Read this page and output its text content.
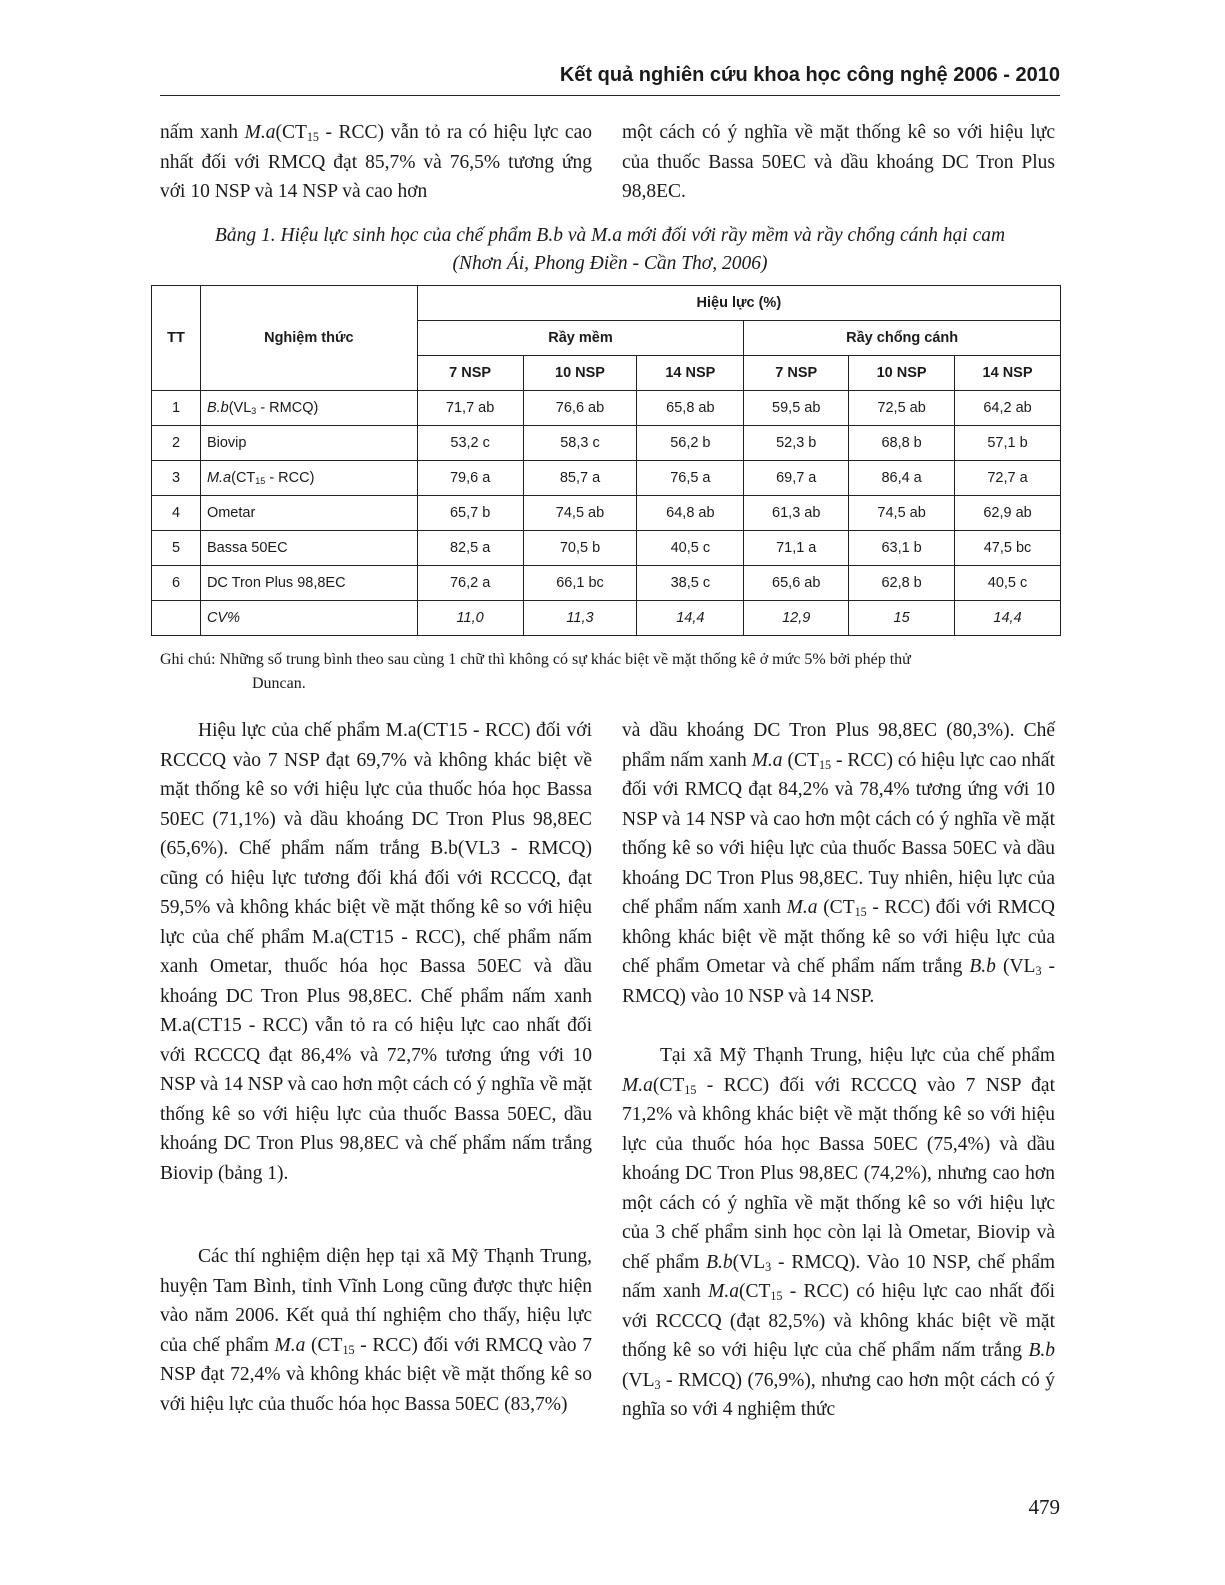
Kết quả nghiên cứu khoa học công nghệ 2006 - 2010

nấm xanh $M.a(CT_{15} - RCC)$ vẫn tỏ ra có hiệu lực cao nhất đối với RMCQ đạt 85,7% và 76,5% tương ứng với 10 NSP và 14 NSP và cao hơn

một cách có ý nghĩa về mặt thống kê so với hiệu lực của thuốc Bassa 50EC và dầu khoáng DC Tron Plus 98,8EC.

Bảng 1. Hiệu lực sinh học của chế phẩm B.b và M.a mới đối với rầy mềm và rầy chổng cánh hại cam
(Nhơn Ái, Phong Điền - Cần Thơ, 2006)
TT	Nghiệm thức	Hiệu lực (%)					
		Rầy mềm			Rầy chổng cánh		
		7 NSP	10 NSP	14 NSP	7 NSP	10 NSP	14 NSP
1	$B.b(VL_3$ - RMCQ)	71,7 ab	76,6 ab	65,8 ab	59,5 ab	72,5 ab	64,2 ab
2	Biovip	53,2 c	58,3 c	56,2 b	52,3 b	68,8 b	57,1 b
3	$M.a(CT_{15} - RCC)$	79,6 a	85,7 a	76,5 a	69,7 a	86,4 a	72,7 a
4	Ometar	65,7 b	74,5 ab	64,8 ab	61,3 ab	74,5 ab	62,9 ab
5	Bassa 50EC	82,5 a	70,5 b	40,5 c	71,1 a	63,1 b	47,5 bc
6	DC Tron Plus 98,8EC	76,2 a	66,1 bc	38,5 c	65,6 ab	62,8 b	40,5 c
	CV%	11,0	11,3	14,4	12,9	15	14,4
Ghi chú: Những số trung bình theo sau cùng 1 chữ thì không có sự khác biệt về mặt thống kê ở mức 5% bởi phép thử
Duncan.

Hiệu lực của chế phẩm M.a(CT15 - RCC) đối với RCCCQ vào 7 NSP đạt 69,7% và không khác biệt về mặt thống kê so với hiệu lực của thuốc hóa học Bassa 50EC (71,1%) và dầu khoáng DC Tron Plus 98,8EC (65,6%). Chế phẩm nấm trắng B.b(VL3 - RMCQ) cũng có hiệu lực tương đối khá đối với RCCCQ, đạt 59,5% và không khác biệt về mặt thống kê so với hiệu lực của chế phẩm M.a(CT15 - RCC), chế phẩm nấm xanh Ometar, thuốc hóa học Bassa 50EC và dầu khoáng DC Tron Plus 98,8EC. Chế phẩm nấm xanh M.a(CT15 - RCC) vẫn tỏ ra có hiệu lực cao nhất đối với RCCCQ đạt 86,4% và 72,7% tương ứng với 10 NSP và 14 NSP và cao hơn một cách có ý nghĩa về mặt thống kê so với hiệu lực của thuốc Bassa 50EC, dầu khoáng DC Tron Plus 98,8EC và chế phẩm nấm trắng Biovip (bảng 1).

Các thí nghiệm diện hẹp tại xã Mỹ Thạnh Trung, huyện Tam Bình, tỉnh Vĩnh Long cũng được thực hiện vào năm 2006. Kết quả thí nghiệm cho thấy, hiệu lực của chế phẩm M.a $(CT_{15} - RCC)$ đối với RMCQ vào 7 NSP đạt 72,4% và không khác biệt về mặt thống kê so với hiệu lực của thuốc hóa học Bassa 50EC (83,7%)

và dầu khoáng DC Tron Plus 98,8EC (80,3%). Chế phẩm nấm xanh M.a $(CT_{15} - RCC)$ có hiệu lực cao nhất đối với RMCQ đạt 84,2% và 78,4% tương ứng với 10 NSP và 14 NSP và cao hơn một cách có ý nghĩa về mặt thống kê so với hiệu lực của thuốc Bassa 50EC và dầu khoáng DC Tron Plus 98,8EC. Tuy nhiên, hiệu lực của chế phẩm nấm xanh M.a $(CT_{15} - RCC)$ đối với RMCQ không khác biệt về mặt thống kê so với hiệu lực của chế phẩm Ometar và chế phẩm nấm trắng B.b ($VL_3$ - RMCQ) vào 10 NSP và 14 NSP.

Tại xã Mỹ Thạnh Trung, hiệu lực của chế phẩm $M.a(CT_{15} - RCC)$ đối với RCCCQ vào 7 NSP đạt 71,2% và không khác biệt về mặt thống kê so với hiệu lực của thuốc hóa học Bassa 50EC (75,4%) và dầu khoáng DC Tron Plus 98,8EC (74,2%), nhưng cao hơn một cách có ý nghĩa về mặt thống kê so với hiệu lực của 3 chế phẩm sinh học còn lại là Ometar, Biovip và chế phẩm $B.b(VL_3$ - RMCQ). Vào 10 NSP, chế phẩm nấm xanh $M.a(CT_{15} - RCC)$ có hiệu lực cao nhất đối với RCCCQ (đạt 82,5%) và không khác biệt về mặt thống kê so với hiệu lực của chế phẩm nấm trắng B.b ($VL_3$ - RMCQ) (76,9%), nhưng cao hơn một cách có ý nghĩa so với 4 nghiệm thức

479
